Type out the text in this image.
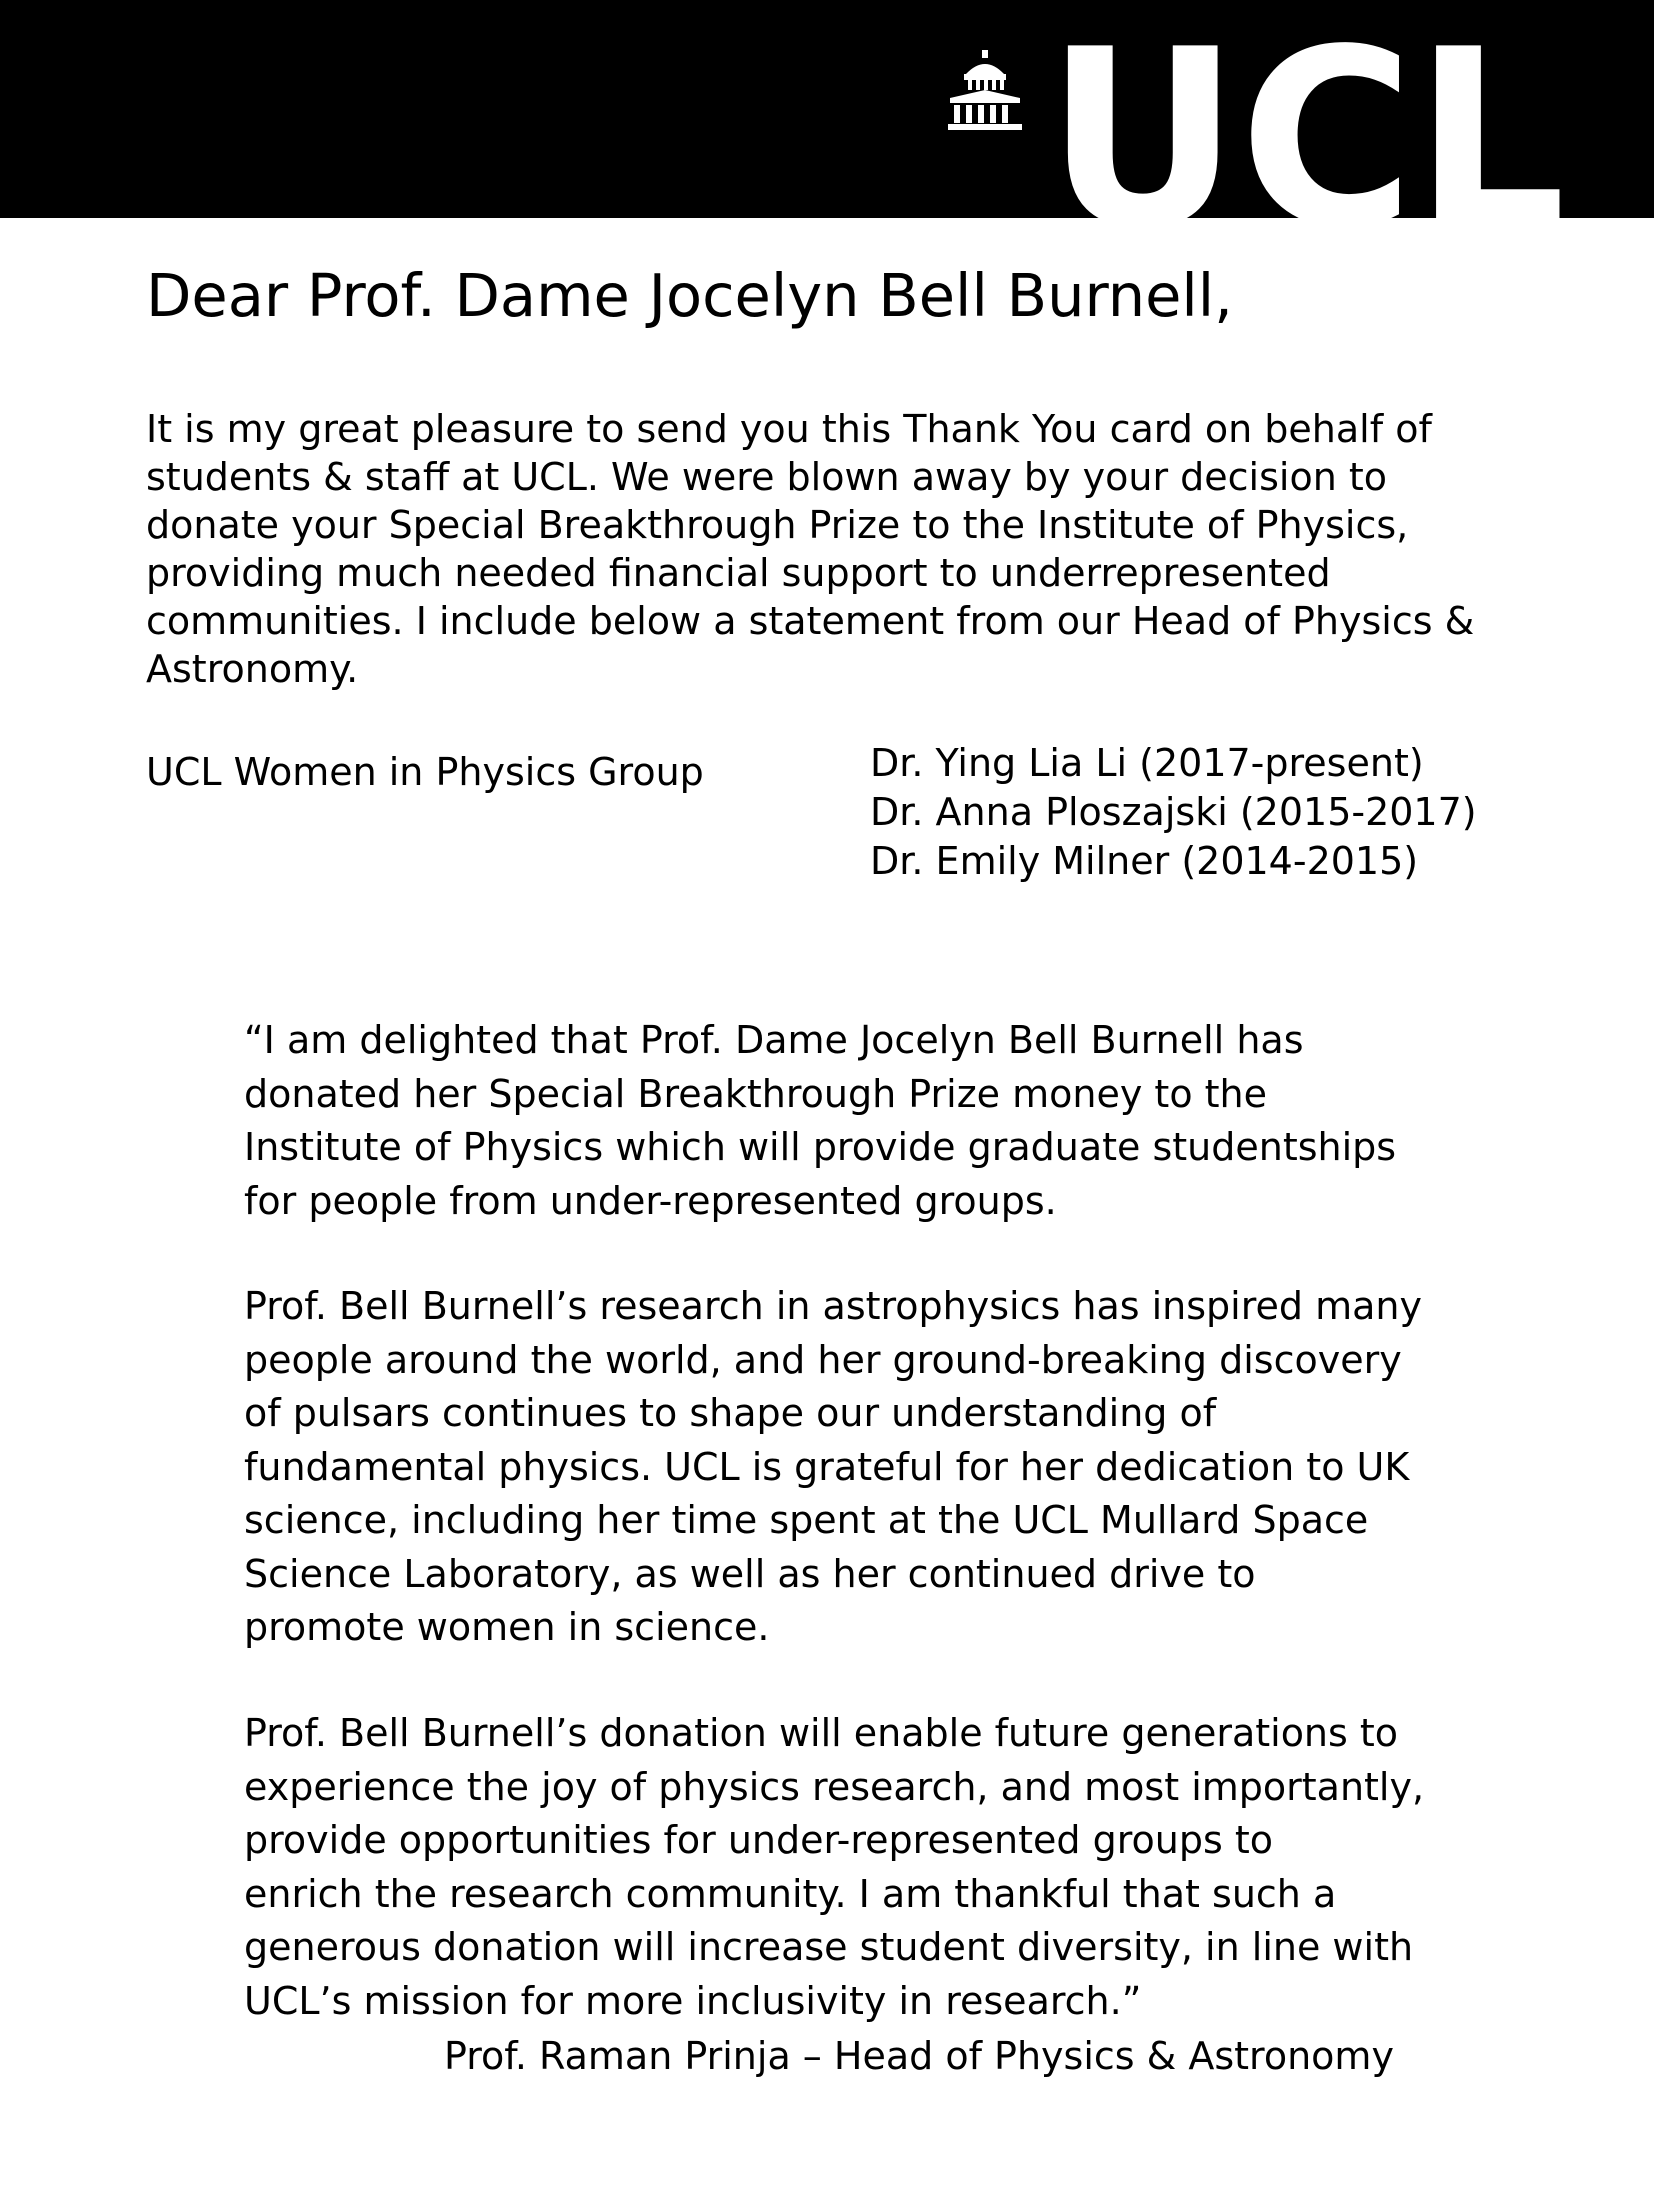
UCL
Dear Prof. Dame Jocelyn Bell Burnell,

It is my great pleasure to send you this Thank You card on behalf of
students & staff at UCL. We were blown away by your decision to
donate your Special Breakthrough Prize to the Institute of Physics,
providing much needed financial support to underrepresented
communities. I include below a statement from our Head of Physics &
Astronomy.

UCL Women in Physics Group	Dr. Ying Lia Li (2017-present)
Dr. Anna Ploszajski (2015-2017)
Dr. Emily Milner (2014-2015)

“I am delighted that Prof. Dame Jocelyn Bell Burnell has
donated her Special Breakthrough Prize money to the
Institute of Physics which will provide graduate studentships
for people from under-represented groups.

Prof. Bell Burnell’s research in astrophysics has inspired many
people around the world, and her ground-breaking discovery
of pulsars continues to shape our understanding of
fundamental physics. UCL is grateful for her dedication to UK
science, including her time spent at the UCL Mullard Space
Science Laboratory, as well as her continued drive to
promote women in science.

Prof. Bell Burnell’s donation will enable future generations to
experience the joy of physics research, and most importantly,
provide opportunities for under-represented groups to
enrich the research community. I am thankful that such a
generous donation will increase student diversity, in line with
UCL’s mission for more inclusivity in research.”

Prof. Raman Prinja – Head of Physics & Astronomy
